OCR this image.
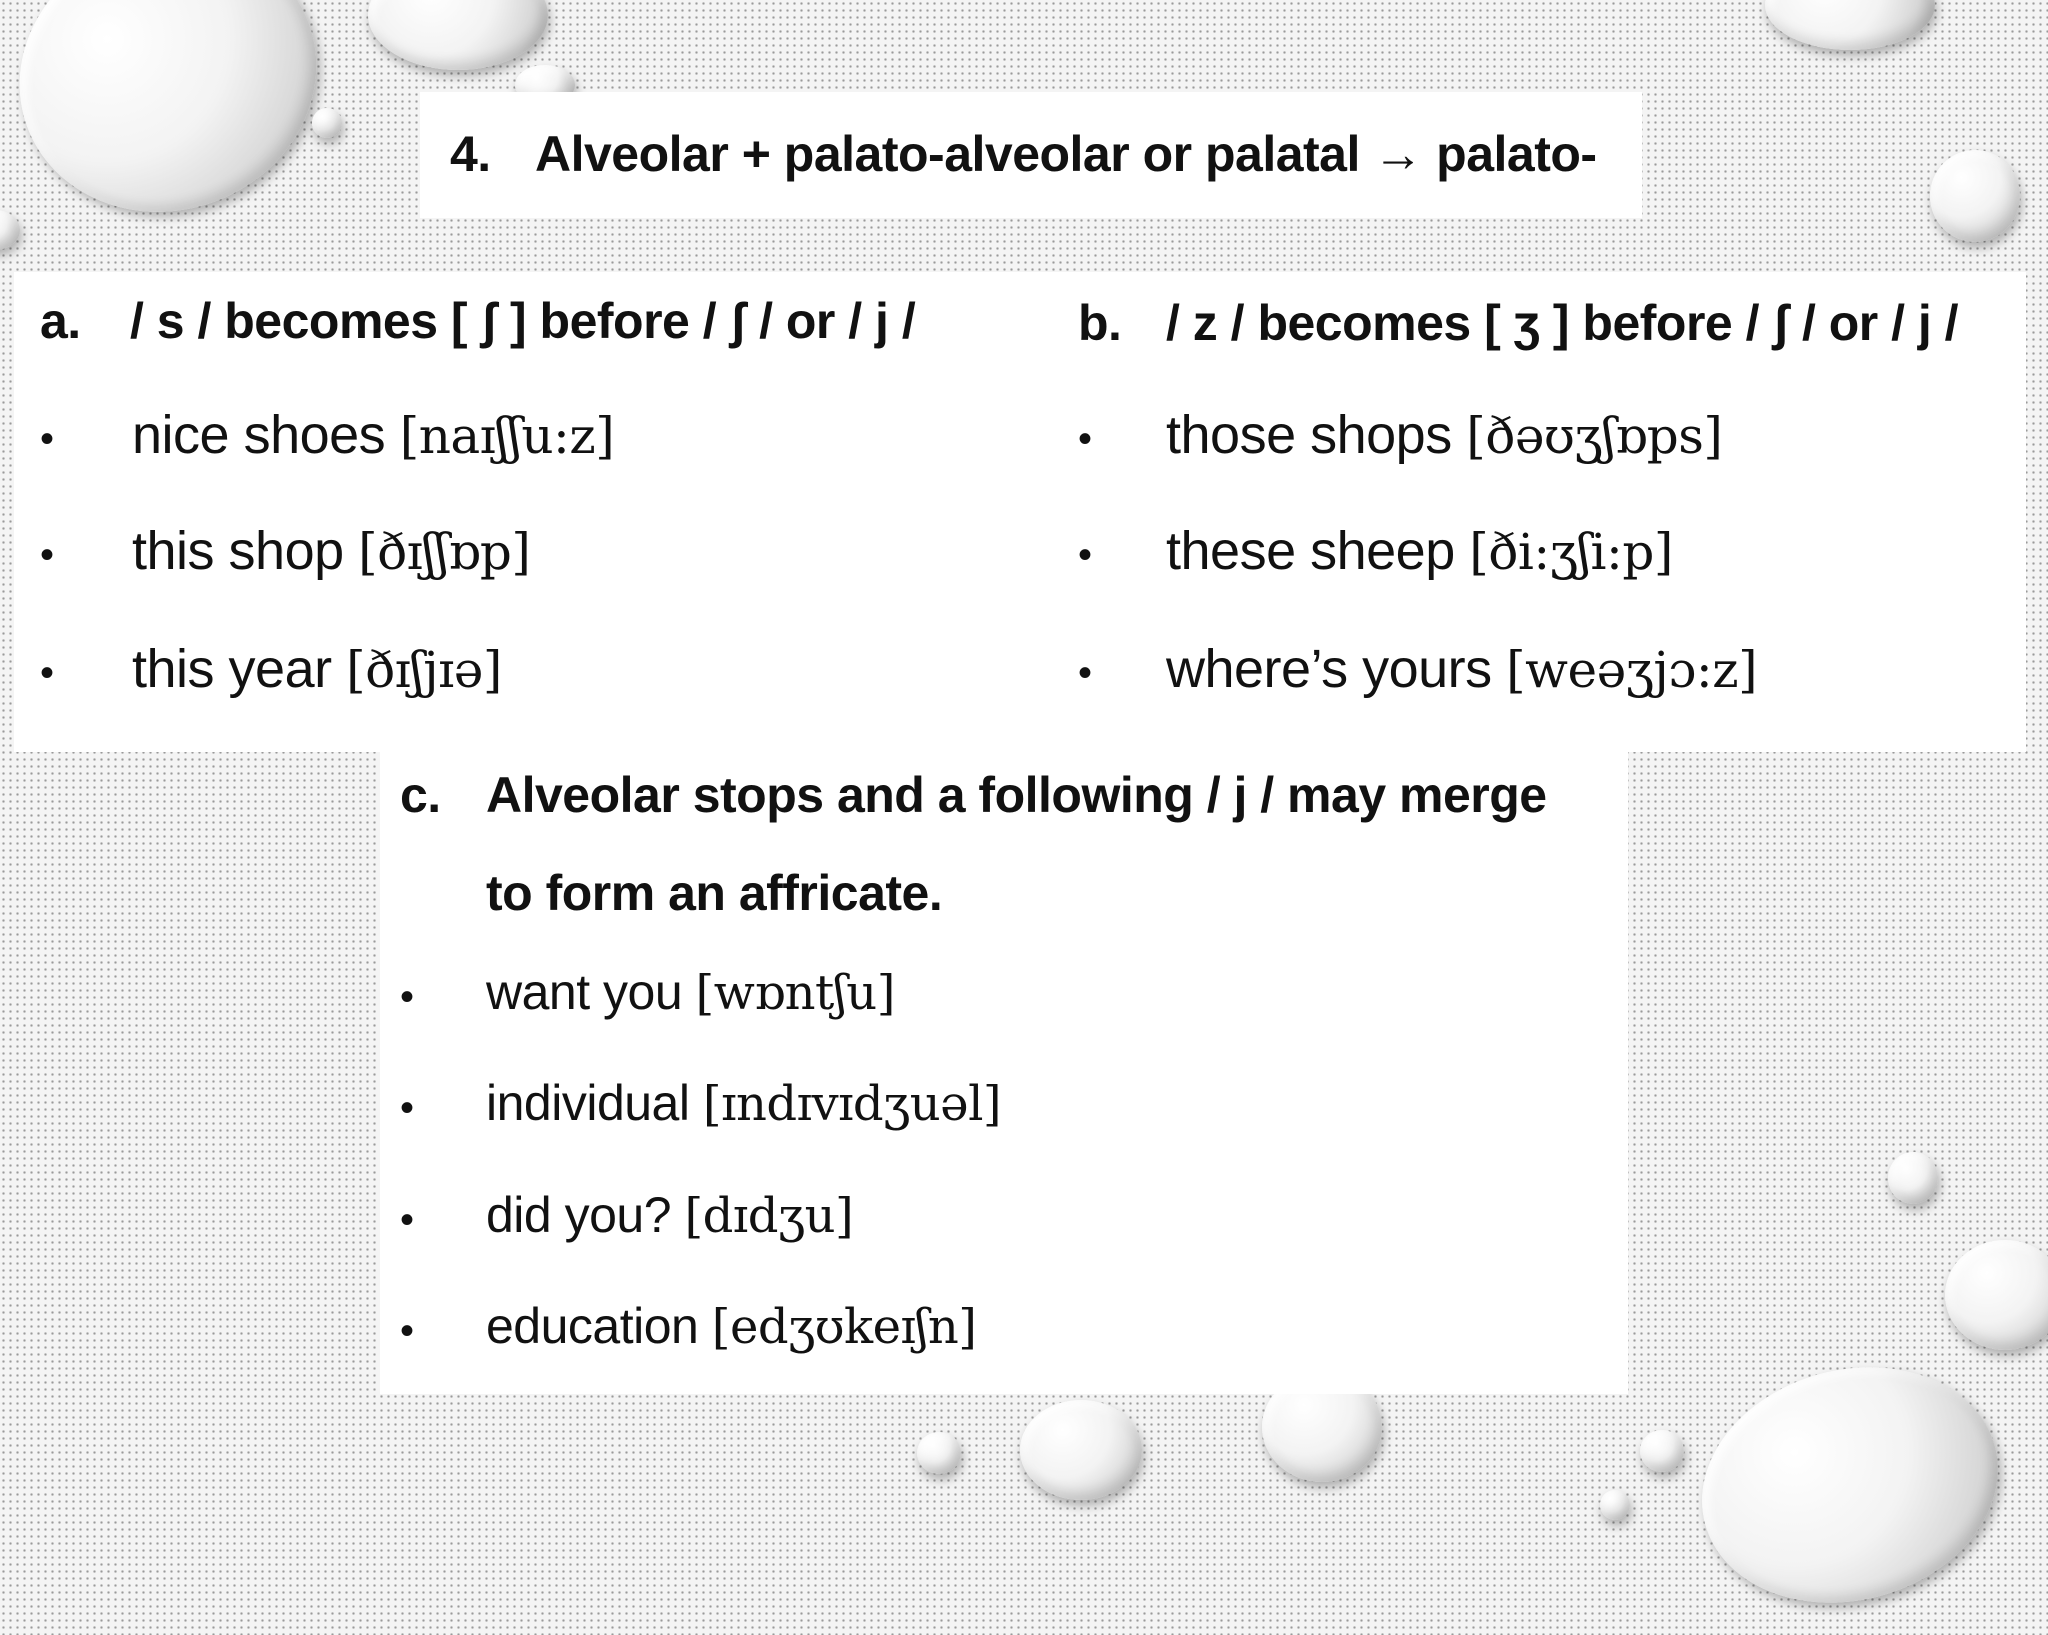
4. Alveolar + palato-alveolar or palatal → palato-
a. / s / becomes [ ʃ ] before / ʃ / or / j /
• nice shoes [naɪʃʃu:z]
• this shop [ðɪʃʃɒp]
• this year [ðɪʃjɪə]
b. / z / becomes [ ʒ ] before / ʃ / or / j /
• those shops [ðəʊʒʃɒps]
• these sheep [ði:ʒʃi:p]
• where’s yours [weəʒjɔ:z]
c. Alveolar stops and a following / j / may merge
to form an affricate.
• want you [wɒntʃu]
• individual [ɪndɪvɪdʒuəl]
• did you? [dɪdʒu]
• education [edʒʊkeɪʃn]
